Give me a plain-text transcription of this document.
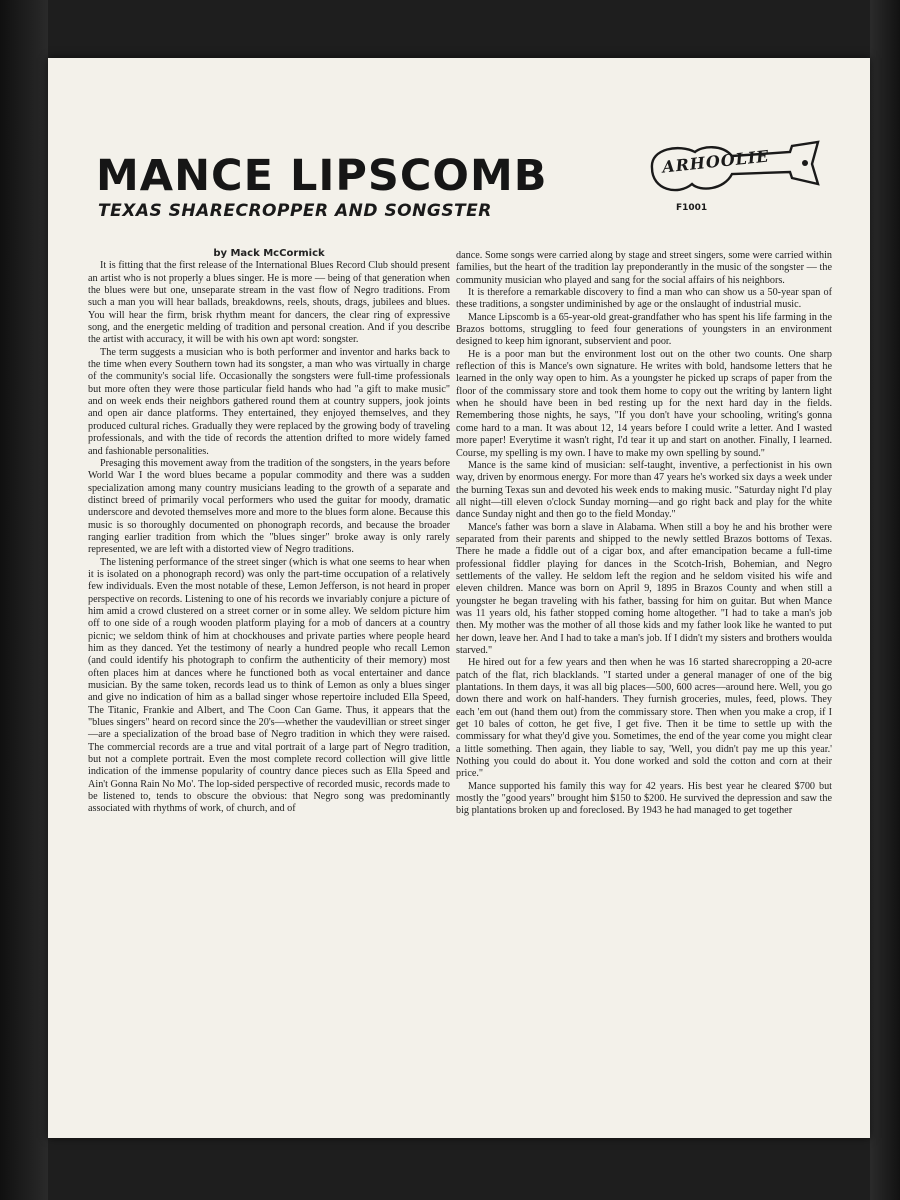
MANCE LIPSCOMB
TEXAS SHARECROPPER AND SONGSTER
ARHOOLIE
F1001

by Mack McCormick

It is fitting that the first release of the International Blues Record Club should present an artist who is not properly a blues singer. He is more — being of that generation when the blues were but one, unseparate stream in the vast flow of Negro traditions. From such a man you will hear ballads, breakdowns, reels, shouts, drags, jubilees and blues. You will hear the firm, brisk rhythm meant for dancers, the clear ring of expressive song, and the energetic melding of tradition and personal creation. And if you describe the artist with accuracy, it will be with his own apt word: songster.

The term suggests a musician who is both performer and inventor and harks back to the time when every Southern town had its songster, a man who was virtually in charge of the community's social life. Occasionally the songsters were full-time professionals but more often they were those particular field hands who had "a gift to make music" and on week ends their neighbors gathered round them at country suppers, jook joints and open air dance platforms. They entertained, they enjoyed themselves, and they produced cultural riches. Gradually they were replaced by the growing body of traveling professionals, and with the tide of records the attention drifted to more widely famed and fashionable personalities.

Presaging this movement away from the tradition of the songsters, in the years before World War I the word blues became a popular commodity and there was a sudden specialization among many country musicians leading to the growth of a separate and distinct breed of primarily vocal performers who used the guitar for moody, dramatic underscore and devoted themselves more and more to the blues form alone. Because this music is so thoroughly documented on phonograph records, and because the broader ranging earlier tradition from which the "blues singer" broke away is only rarely represented, we are left with a distorted view of Negro traditions.

The listening performance of the street singer (which is what one seems to hear when it is isolated on a phonograph record) was only the part-time occupation of a relatively few individuals. Even the most notable of these, Lemon Jefferson, is not heard in proper perspective on records. Listening to one of his records we invariably conjure a picture of him amid a crowd clustered on a street corner or in some alley. We seldom picture him off to one side of a rough wooden platform playing for a mob of dancers at a country picnic; we seldom think of him at chockhouses and private parties where people heard him as they danced. Yet the testimony of nearly a hundred people who recall Lemon (and could identify his photograph to confirm the authenticity of their memory) most often places him at dances where he functioned both as vocal entertainer and dance musician. By the same token, records lead us to think of Lemon as only a blues singer and give no indication of him as a ballad singer whose repertoire included Ella Speed, The Titanic, Frankie and Albert, and The Coon Can Game. Thus, it appears that the "blues singers" heard on record since the 20's—whether the vaudevillian or street singer—are a specialization of the broad base of Negro tradition in which they were raised. The commercial records are a true and vital portrait of a large part of Negro tradition, but not a complete portrait. Even the most complete record collection will give little indication of the immense popularity of country dance pieces such as Ella Speed and Ain't Gonna Rain No Mo'. The lop-sided perspective of recorded music, records made to be listened to, tends to obscure the obvious: that Negro song was predominantly associated with rhythms of work, of church, and of

dance. Some songs were carried along by stage and street singers, some were carried within families, but the heart of the tradition lay preponderantly in the music of the songster — the community musician who played and sang for the social affairs of his neighbors.

It is therefore a remarkable discovery to find a man who can show us a 50-year span of these traditions, a songster undiminished by age or the onslaught of industrial music.

Mance Lipscomb is a 65-year-old great-grandfather who has spent his life farming in the Brazos bottoms, struggling to feed four generations of youngsters in an environment designed to keep him ignorant, subservient and poor.

He is a poor man but the environment lost out on the other two counts. One sharp reflection of this is Mance's own signature. He writes with bold, handsome letters that he learned in the only way open to him. As a youngster he picked up scraps of paper from the floor of the commissary store and took them home to copy out the writing by lantern light when he should have been in bed resting up for the next hard day in the fields. Remembering those nights, he says, "If you don't have your schooling, writing's gonna come hard to a man. It was about 12, 14 years before I could write a letter. And I wasted more paper! Everytime it wasn't right, I'd tear it up and start on another. Finally, I learned. Course, my spelling is my own. I have to make my own spelling by sound."

Mance is the same kind of musician: self-taught, inventive, a perfectionist in his own way, driven by enormous energy. For more than 47 years he's worked six days a week under the burning Texas sun and devoted his week ends to making music. "Saturday night I'd play all night—till eleven o'clock Sunday morning—and go right back and play for the white dance Sunday night and then go to the field Monday."

Mance's father was born a slave in Alabama. When still a boy he and his brother were separated from their parents and shipped to the newly settled Brazos bottoms of Texas. There he made a fiddle out of a cigar box, and after emancipation became a full-time professional fiddler playing for dances in the Scotch-Irish, Bohemian, and Negro settlements of the valley. He seldom left the region and he seldom visited his wife and eleven children. Mance was born on April 9, 1895 in Brazos County and when still a youngster he began traveling with his father, bassing for him on guitar. But when Mance was 11 years old, his father stopped coming home altogether. "I had to take a man's job then. My mother was the mother of all those kids and my father look like he wanted to put her down, leave her. And I had to take a man's job. If I didn't my sisters and brothers woulda starved."

He hired out for a few years and then when he was 16 started sharecropping a 20-acre patch of the flat, rich blacklands. "I started under a general manager of one of the big plantations. In them days, it was all big places—500, 600 acres—around here. Well, you go down there and work on half-handers. They furnish groceries, mules, feed, plows. They each 'em out (hand them out) from the commissary store. Then when you make a crop, if I get 10 bales of cotton, he get five, I get five. Then it be time to settle up with the commissary for what they'd give you. Sometimes, the end of the year come you might clear a little something. Then again, they liable to say, 'Well, you didn't pay me up this year.' Nothing you could do about it. You done worked and sold the cotton and corn at their price."

Mance supported his family this way for 42 years. His best year he cleared $700 but mostly the "good years" brought him $150 to $200. He survived the depression and saw the big plantations broken up and foreclosed. By 1943 he had managed to get together
